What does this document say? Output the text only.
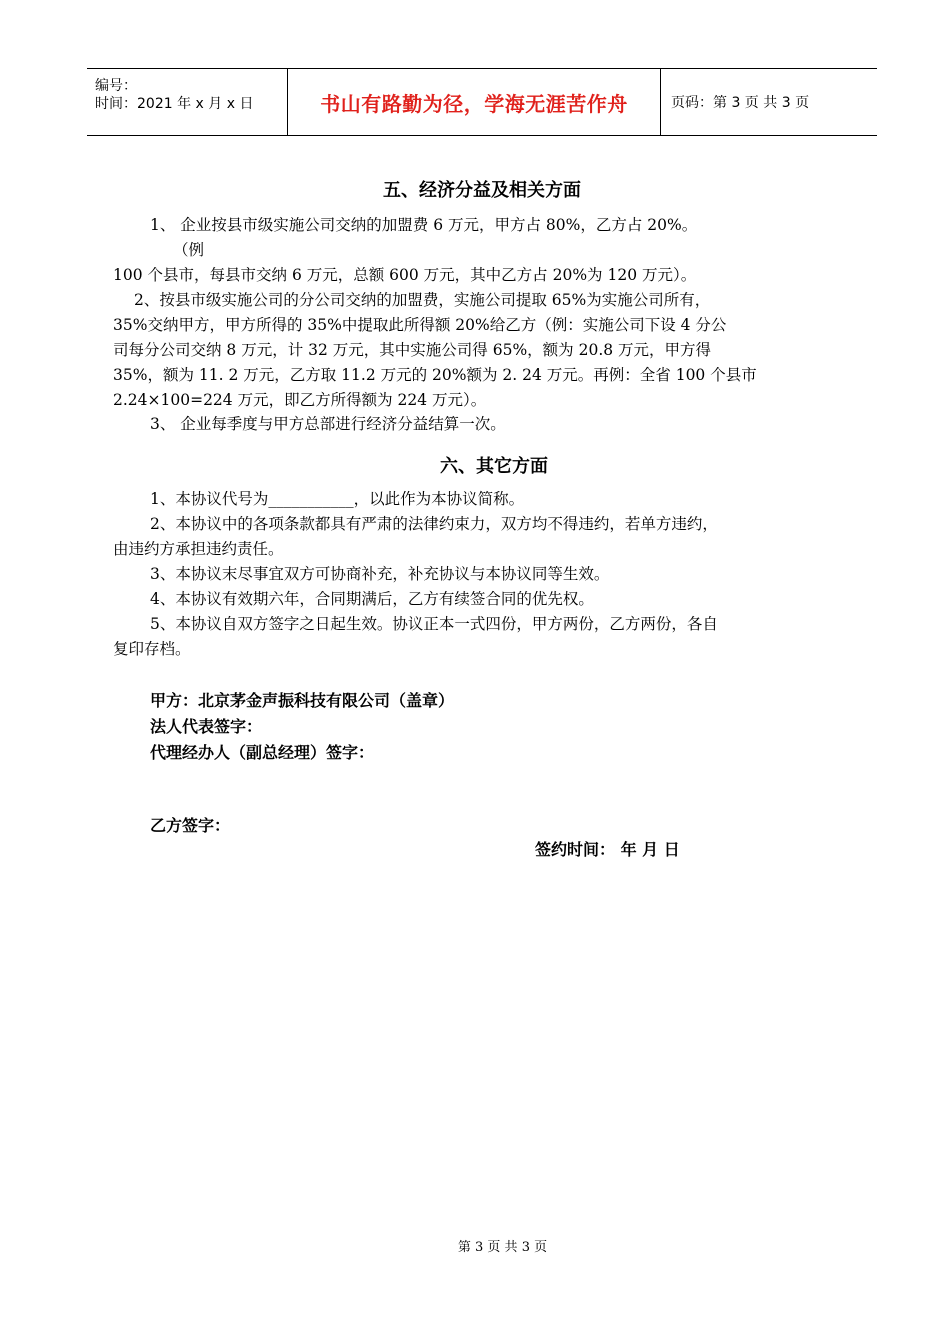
编号：
时间：2021 年 x 月 x 日	书山有路勤为径，学海无涯苦作舟	页码：第 3 页 共 3 页
五、经济分益及相关方面
1、 企业按县市级实施公司交纳的加盟费 6 万元，甲方占 80%，乙方占 20%。
（例
100 个县市，每县市交纳 6 万元，总额 600 万元，其中乙方占 20%为 120 万元）。
2、按县市级实施公司的分公司交纳的加盟费，实施公司提取 65%为实施公司所有，
35%交纳甲方，甲方所得的 35%中提取此所得额 20%给乙方（例：实施公司下设 4 分公
司每分公司交纳 8 万元，计 32 万元，其中实施公司得 65%，额为 20.8 万元，甲方得
35%，额为 11. 2 万元，乙方取 11.2 万元的 20%额为 2. 24 万元。再例：全省 100 个县市
2.24×100=224 万元，即乙方所得额为 224 万元）。
3、 企业每季度与甲方总部进行经济分益结算一次。
六、其它方面
1、本协议代号为___________，以此作为本协议简称。
2、本协议中的各项条款都具有严肃的法律约束力，双方均不得违约，若单方违约，
由违约方承担违约责任。
3、本协议末尽事宜双方可协商补充，补充协议与本协议同等生效。
4、本协议有效期六年，合同期满后，乙方有续签合同的优先权。
5、本协议自双方签字之日起生效。协议正本一式四份，甲方两份，乙方两份，各自
复印存档。
甲方：北京茅金声振科技有限公司（盖章）
法人代表签字：
代理经办人（副总经理）签字：
乙方签字：
签约时间： 年 月 日
第 3 页 共 3 页
